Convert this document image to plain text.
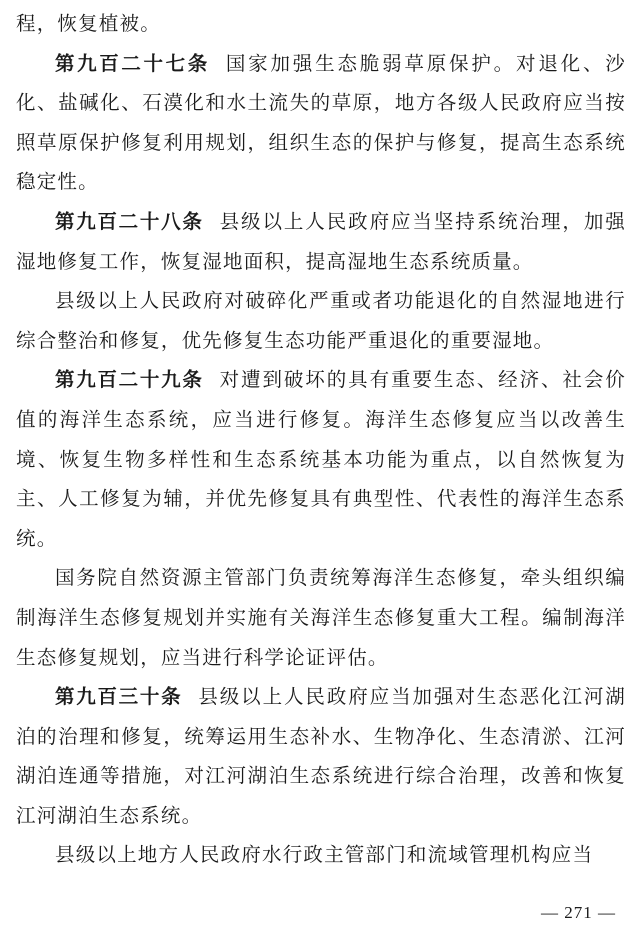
程，恢复植被。

第九百二十七条 国家加强生态脆弱草原保护。对退化、沙化、盐碱化、石漠化和水土流失的草原，地方各级人民政府应当按照草原保护修复利用规划，组织生态的保护与修复，提高生态系统稳定性。

第九百二十八条 县级以上人民政府应当坚持系统治理，加强湿地修复工作，恢复湿地面积，提高湿地生态系统质量。

县级以上人民政府对破碎化严重或者功能退化的自然湿地进行综合整治和修复，优先修复生态功能严重退化的重要湿地。

第九百二十九条 对遭到破坏的具有重要生态、经济、社会价值的海洋生态系统，应当进行修复。海洋生态修复应当以改善生境、恢复生物多样性和生态系统基本功能为重点，以自然恢复为主、人工修复为辅，并优先修复具有典型性、代表性的海洋生态系统。

国务院自然资源主管部门负责统筹海洋生态修复，牵头组织编制海洋生态修复规划并实施有关海洋生态修复重大工程。编制海洋生态修复规划，应当进行科学论证评估。

第九百三十条 县级以上人民政府应当加强对生态恶化江河湖泊的治理和修复，统筹运用生态补水、生物净化、生态清淤、江河湖泊连通等措施，对江河湖泊生态系统进行综合治理，改善和恢复江河湖泊生态系统。

县级以上地方人民政府水行政主管部门和流域管理机构应当

— 271 —
